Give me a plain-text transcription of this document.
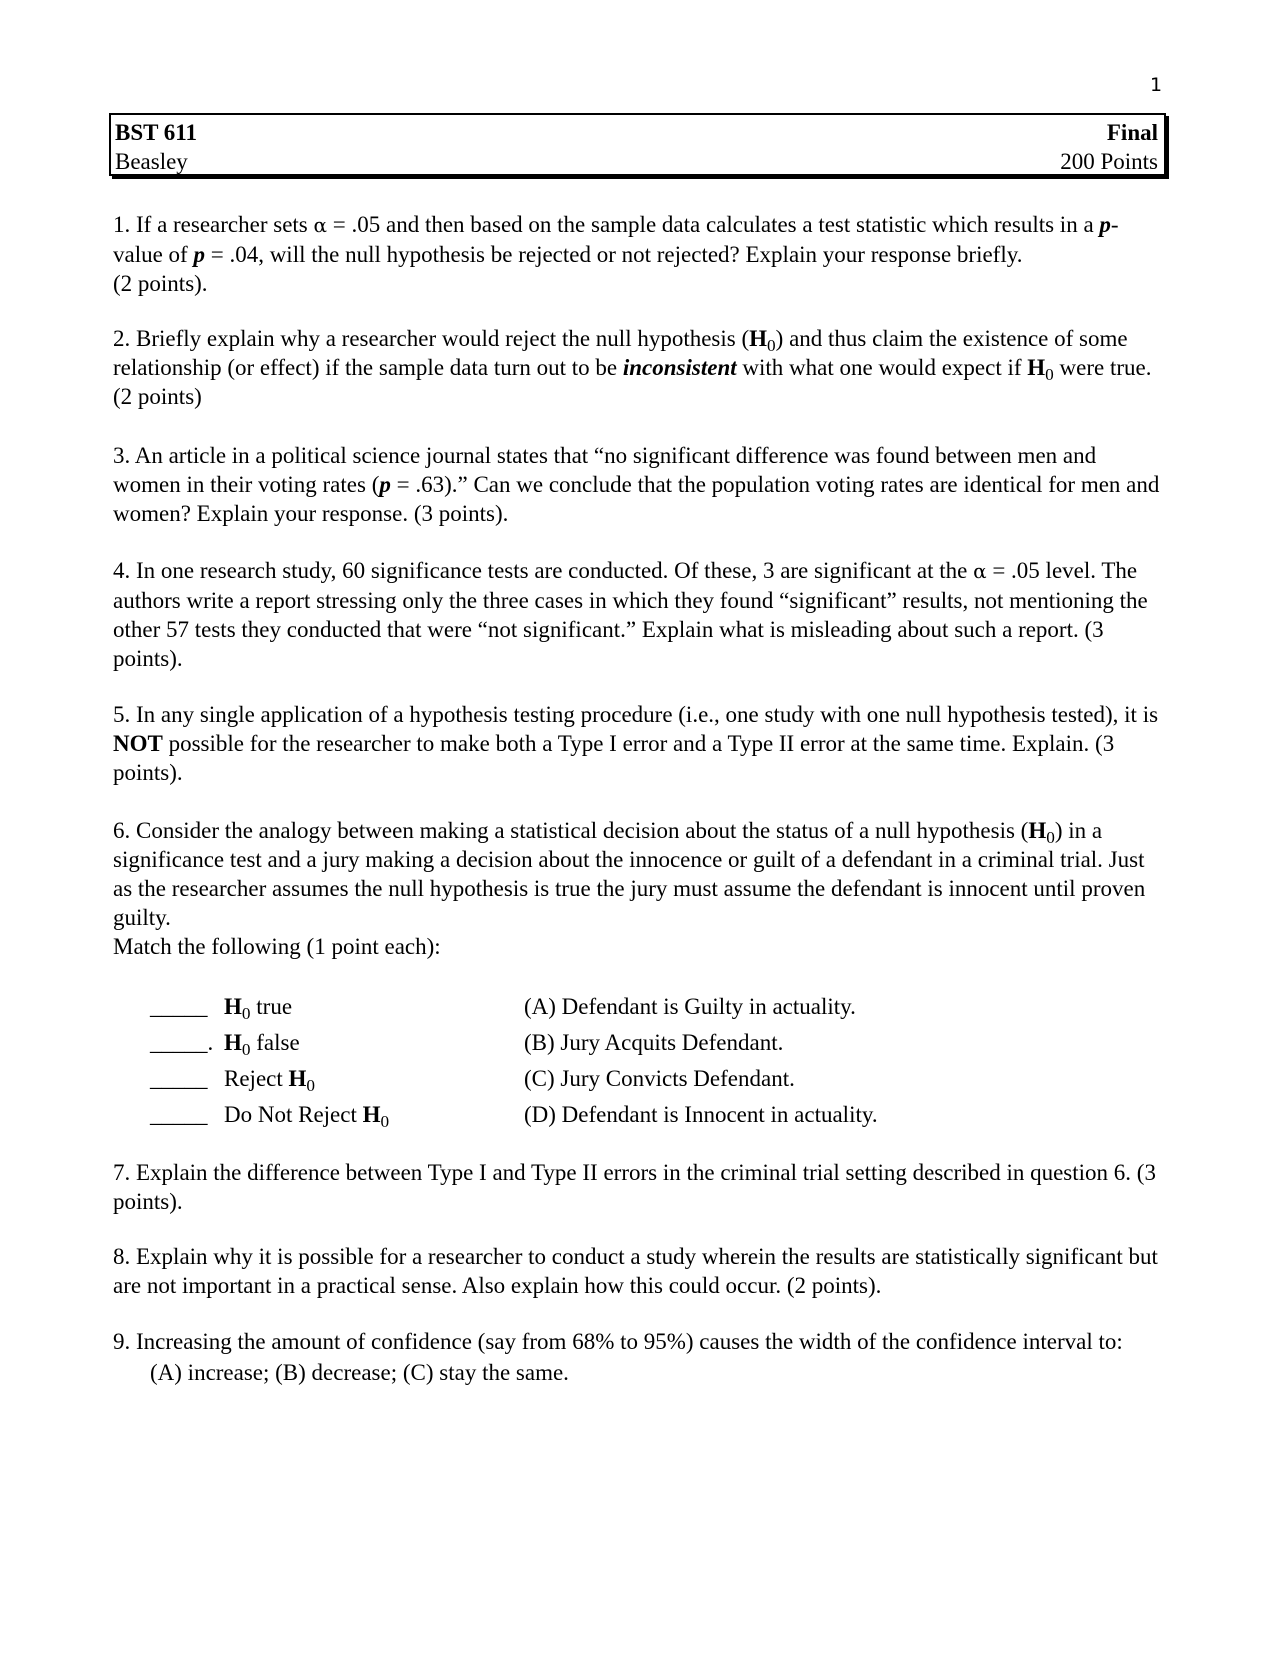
1
BST 611	Final
Beasley	200 Points

1. If a researcher sets α = .05 and then based on the sample data calculates a test statistic which results in a p-value of p = .04, will the null hypothesis be rejected or not rejected? Explain your response briefly.
(2 points).

2. Briefly explain why a researcher would reject the null hypothesis $(H_0)$ and thus claim the existence of some relationship (or effect) if the sample data turn out to be inconsistent with what one would expect if $H_0$ were true. (2 points)

3. An article in a political science journal states that “no significant difference was found between men and women in their voting rates (p = .63).” Can we conclude that the population voting rates are identical for men and women? Explain your response. (3 points).

4. In one research study, 60 significance tests are conducted. Of these, 3 are significant at the α = .05 level. The authors write a report stressing only the three cases in which they found “significant” results, not mentioning the other 57 tests they conducted that were “not significant.” Explain what is misleading about such a report. (3 points).

5. In any single application of a hypothesis testing procedure (i.e., one study with one null hypothesis tested), it is NOT possible for the researcher to make both a Type I error and a Type II error at the same time. Explain. (3 points).

6. Consider the analogy between making a statistical decision about the status of a null hypothesis $(H_0)$ in a significance test and a jury making a decision about the innocence or guilt of a defendant in a criminal trial. Just as the researcher assumes the null hypothesis is true the jury must assume the defendant is innocent until proven guilty.
Match the following (1 point each):

_____ $H_0$ true	(A) Defendant is Guilty in actuality.
_____. $H_0$ false	(B) Jury Acquits Defendant.
_____ Reject $H_0$	(C) Jury Convicts Defendant.
_____ Do Not Reject $H_0$	(D) Defendant is Innocent in actuality.

7. Explain the difference between Type I and Type II errors in the criminal trial setting described in question 6. (3 points).

8. Explain why it is possible for a researcher to conduct a study wherein the results are statistically significant but are not important in a practical sense. Also explain how this could occur. (2 points).

9. Increasing the amount of confidence (say from 68% to 95%) causes the width of the confidence interval to:

(A) increase; (B) decrease; (C) stay the same.
